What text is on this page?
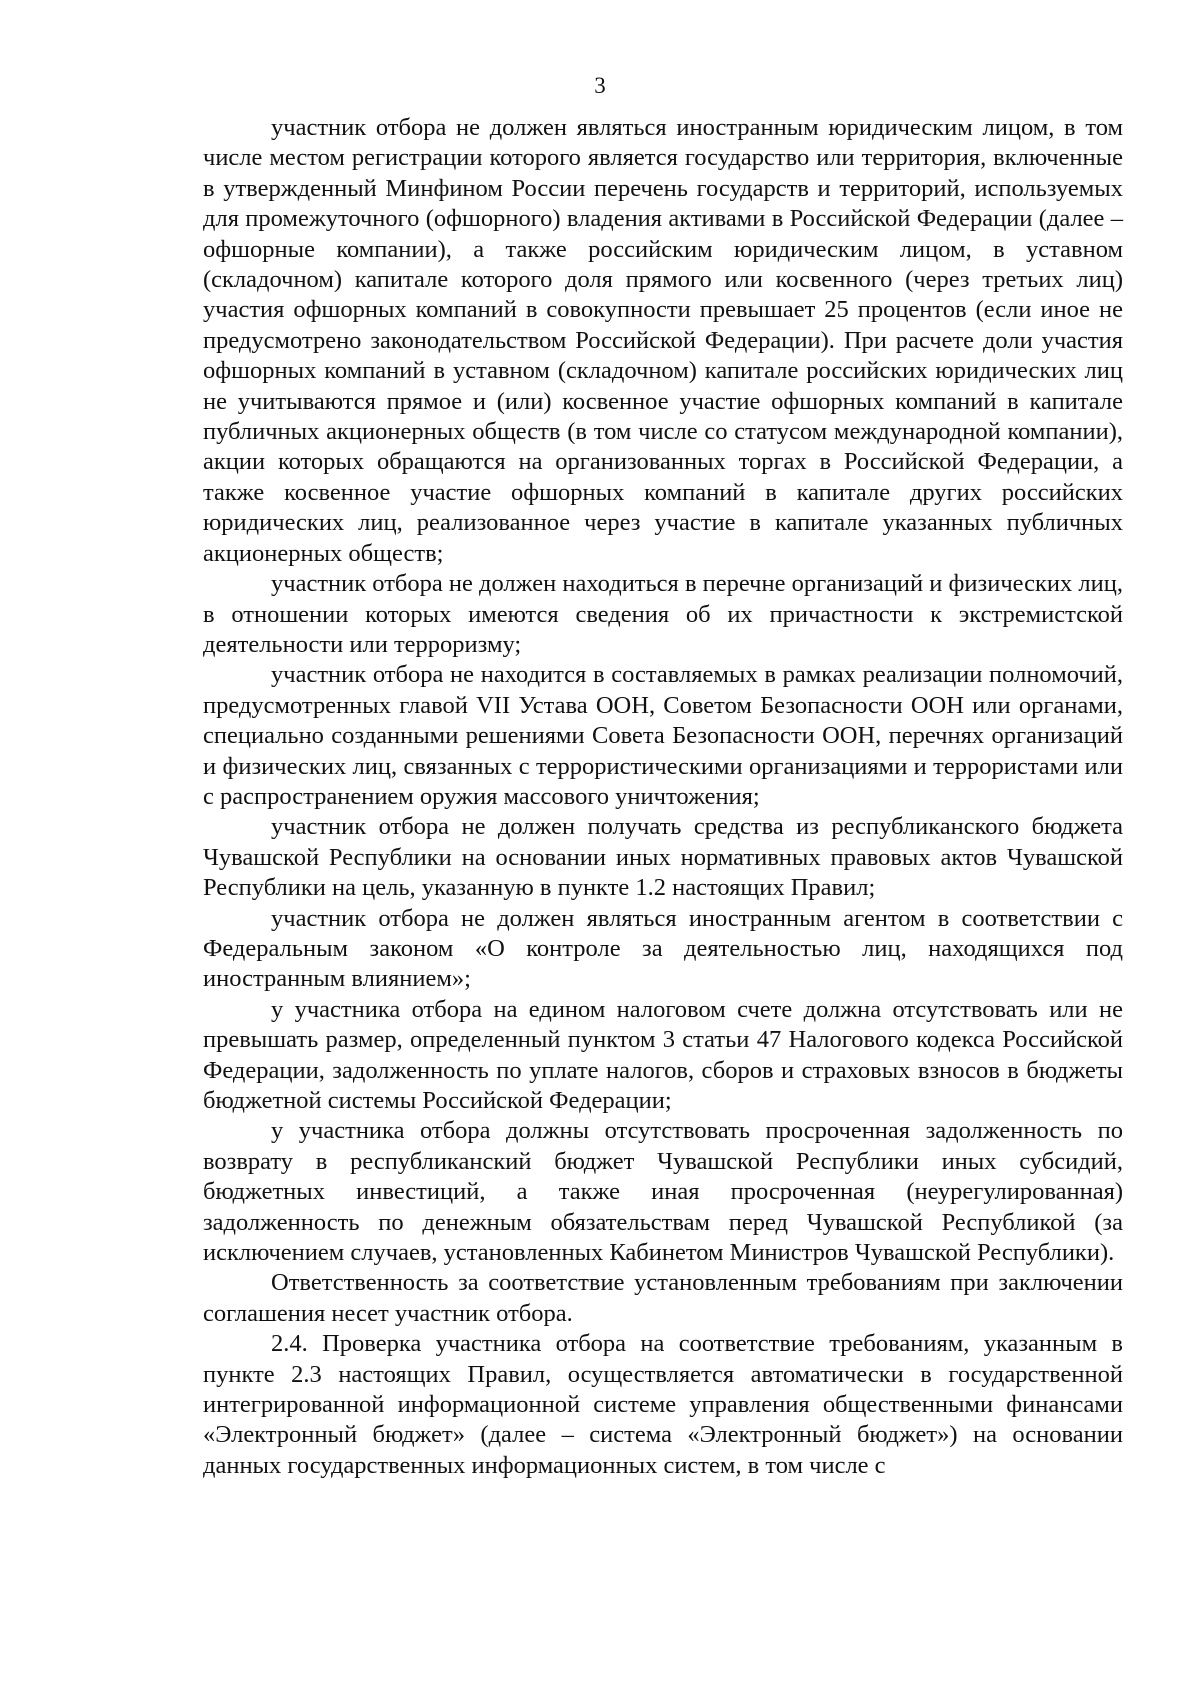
3

участник отбора не должен являться иностранным юридическим лицом, в том числе местом регистрации которого является государство или территория, включенные в утвержденный Минфином России перечень государств и территорий, используемых для промежуточного (офшорного) владения активами в Российской Федерации (далее – офшорные компании), а также российским юридическим лицом, в уставном (складочном) капитале которого доля прямого или косвенного (через третьих лиц) участия офшорных компаний в совокупности превышает 25 процентов (если иное не предусмотрено законодательством Российской Федерации). При расчете доли участия офшорных компаний в уставном (складочном) капитале российских юридических лиц не учитываются прямое и (или) косвенное участие офшорных компаний в капитале публичных акционерных обществ (в том числе со статусом международной компании), акции которых обращаются на организованных торгах в Российской Федерации, а также косвенное участие офшорных компаний в капитале других российских юридических лиц, реализованное через участие в капитале указанных публичных акционерных обществ;

участник отбора не должен находиться в перечне организаций и физических лиц, в отношении которых имеются сведения об их причастности к экстремистской деятельности или терроризму;

участник отбора не находится в составляемых в рамках реализации полномочий, предусмотренных главой VII Устава ООН, Советом Безопасности ООН или органами, специально созданными решениями Совета Безопасности ООН, перечнях организаций и физических лиц, связанных с террористическими организациями и террористами или с распространением оружия массового уничтожения;

участник отбора не должен получать средства из республиканского бюджета Чувашской Республики на основании иных нормативных правовых актов Чувашской Республики на цель, указанную в пункте 1.2 настоящих Правил;

участник отбора не должен являться иностранным агентом в соответствии с Федеральным законом «О контроле за деятельностью лиц, находящихся под иностранным влиянием»;

у участника отбора на едином налоговом счете должна отсутствовать или не превышать размер, определенный пунктом 3 статьи 47 Налогового кодекса Российской Федерации, задолженность по уплате налогов, сборов и страховых взносов в бюджеты бюджетной системы Российской Федерации;

у участника отбора должны отсутствовать просроченная задолженность по возврату в республиканский бюджет Чувашской Республики иных субсидий, бюджетных инвестиций, а также иная просроченная (неурегулированная) задолженность по денежным обязательствам перед Чувашской Республикой (за исключением случаев, установленных Кабинетом Министров Чувашской Республики).

Ответственность за соответствие установленным требованиям при заключении соглашения несет участник отбора.

2.4. Проверка участника отбора на соответствие требованиям, указанным в пункте 2.3 настоящих Правил, осуществляется автоматически в государственной интегрированной информационной системе управления общественными финансами «Электронный бюджет» (далее – система «Электронный бюджет») на основании данных государственных информационных систем, в том числе с
